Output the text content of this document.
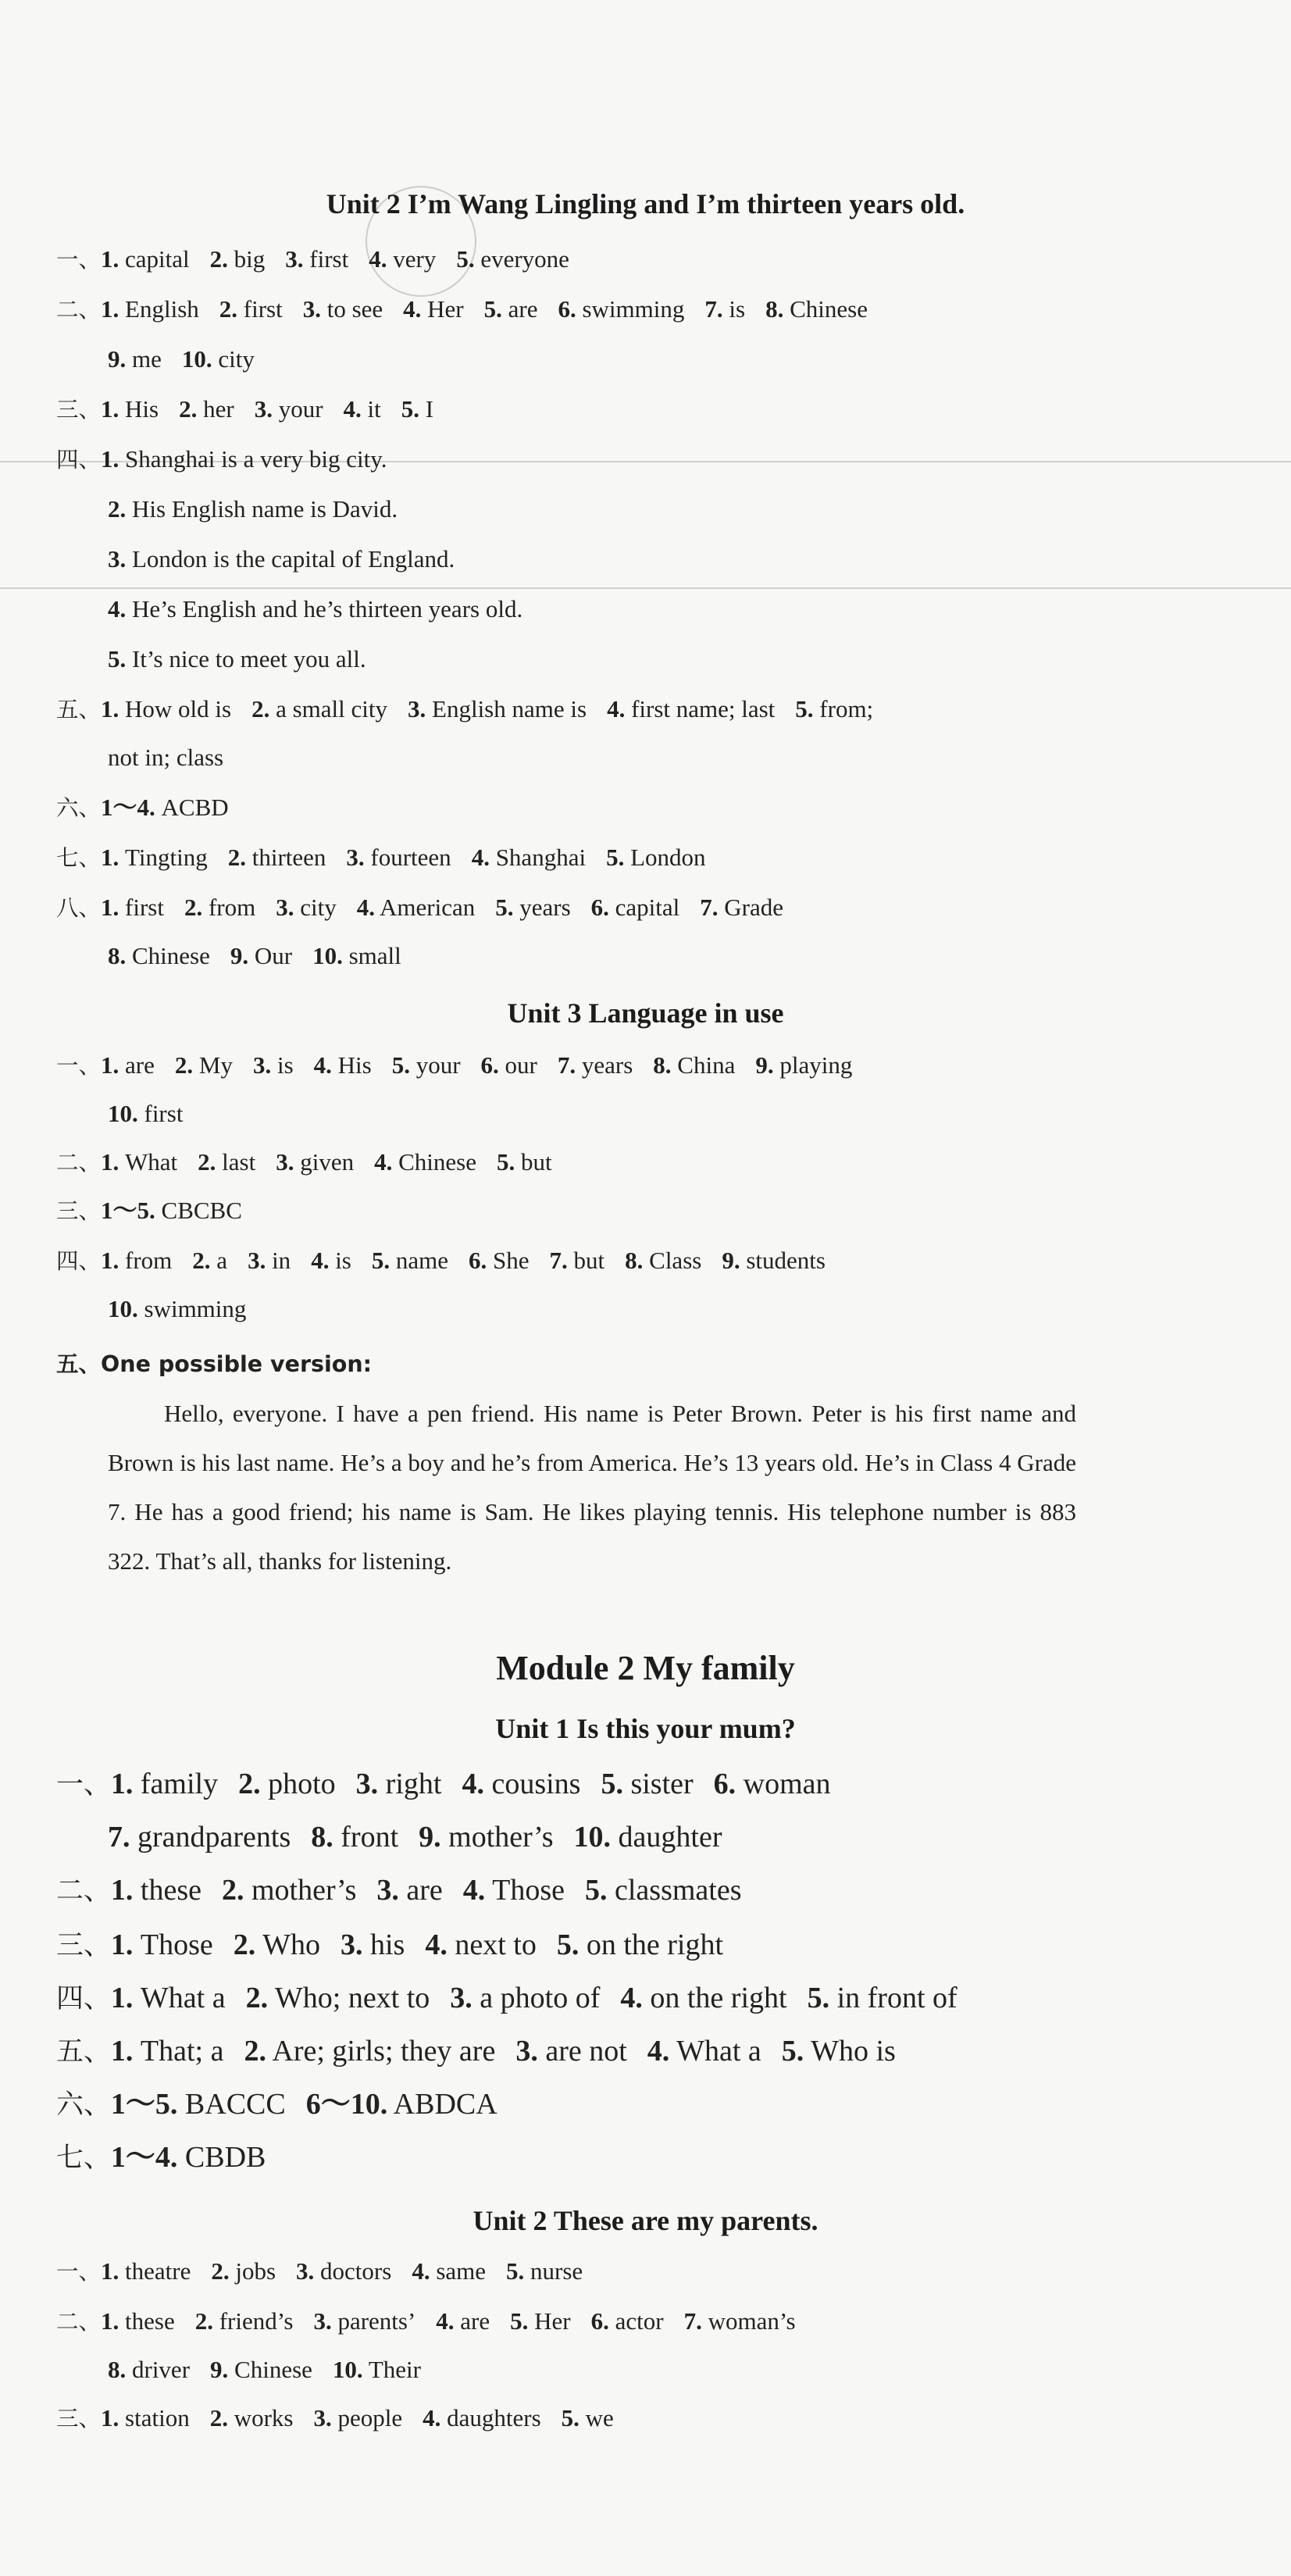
Unit 2 I’m Wang Lingling and I’m thirteen years old.
一、1. capital 2. big 3. first 4. very 5. everyone
二、1. English 2. first 3. to see 4. Her 5. are 6. swimming 7. is 8. Chinese
9. me 10. city
三、1. His 2. her 3. your 4. it 5. I
四、1. Shanghai is a very big city.
2. His English name is David.
3. London is the capital of England.
4. He’s English and he’s thirteen years old.
5. It’s nice to meet you all.
五、1. How old is 2. a small city 3. English name is 4. first name; last 5. from;
not in; class
六、1～4. ACBD
七、1. Tingting 2. thirteen 3. fourteen 4. Shanghai 5. London
八、1. first 2. from 3. city 4. American 5. years 6. capital 7. Grade
8. Chinese 9. Our 10. small
Unit 3 Language in use
一、1. are 2. My 3. is 4. His 5. your 6. our 7. years 8. China 9. playing
10. first
二、1. What 2. last 3. given 4. Chinese 5. but
三、1～5. CBCBC
四、1. from 2. a 3. in 4. is 5. name 6. She 7. but 8. Class 9. students
10. swimming
五、One possible version:
Hello, everyone. I have a pen friend. His name is Peter Brown. Peter is his first name and Brown is his last name. He’s a boy and he’s from America. He’s 13 years old. He’s in Class 4 Grade 7. He has a good friend; his name is Sam. He likes playing tennis. His telephone number is 883 322. That’s all, thanks for listening.
Module 2 My family
Unit 1 Is this your mum?
一、1. family 2. photo 3. right 4. cousins 5. sister 6. woman
7. grandparents 8. front 9. mother’s 10. daughter
二、1. these 2. mother’s 3. are 4. Those 5. classmates
三、1. Those 2. Who 3. his 4. next to 5. on the right
四、1. What a 2. Who; next to 3. a photo of 4. on the right 5. in front of
五、1. That; a 2. Are; girls; they are 3. are not 4. What a 5. Who is
六、1～5. BACCC 6～10. ABDCA
七、1～4. CBDB
Unit 2 These are my parents.
一、1. theatre 2. jobs 3. doctors 4. same 5. nurse
二、1. these 2. friend’s 3. parents’ 4. are 5. Her 6. actor 7. woman’s
8. driver 9. Chinese 10. Their
三、1. station 2. works 3. people 4. daughters 5. we
